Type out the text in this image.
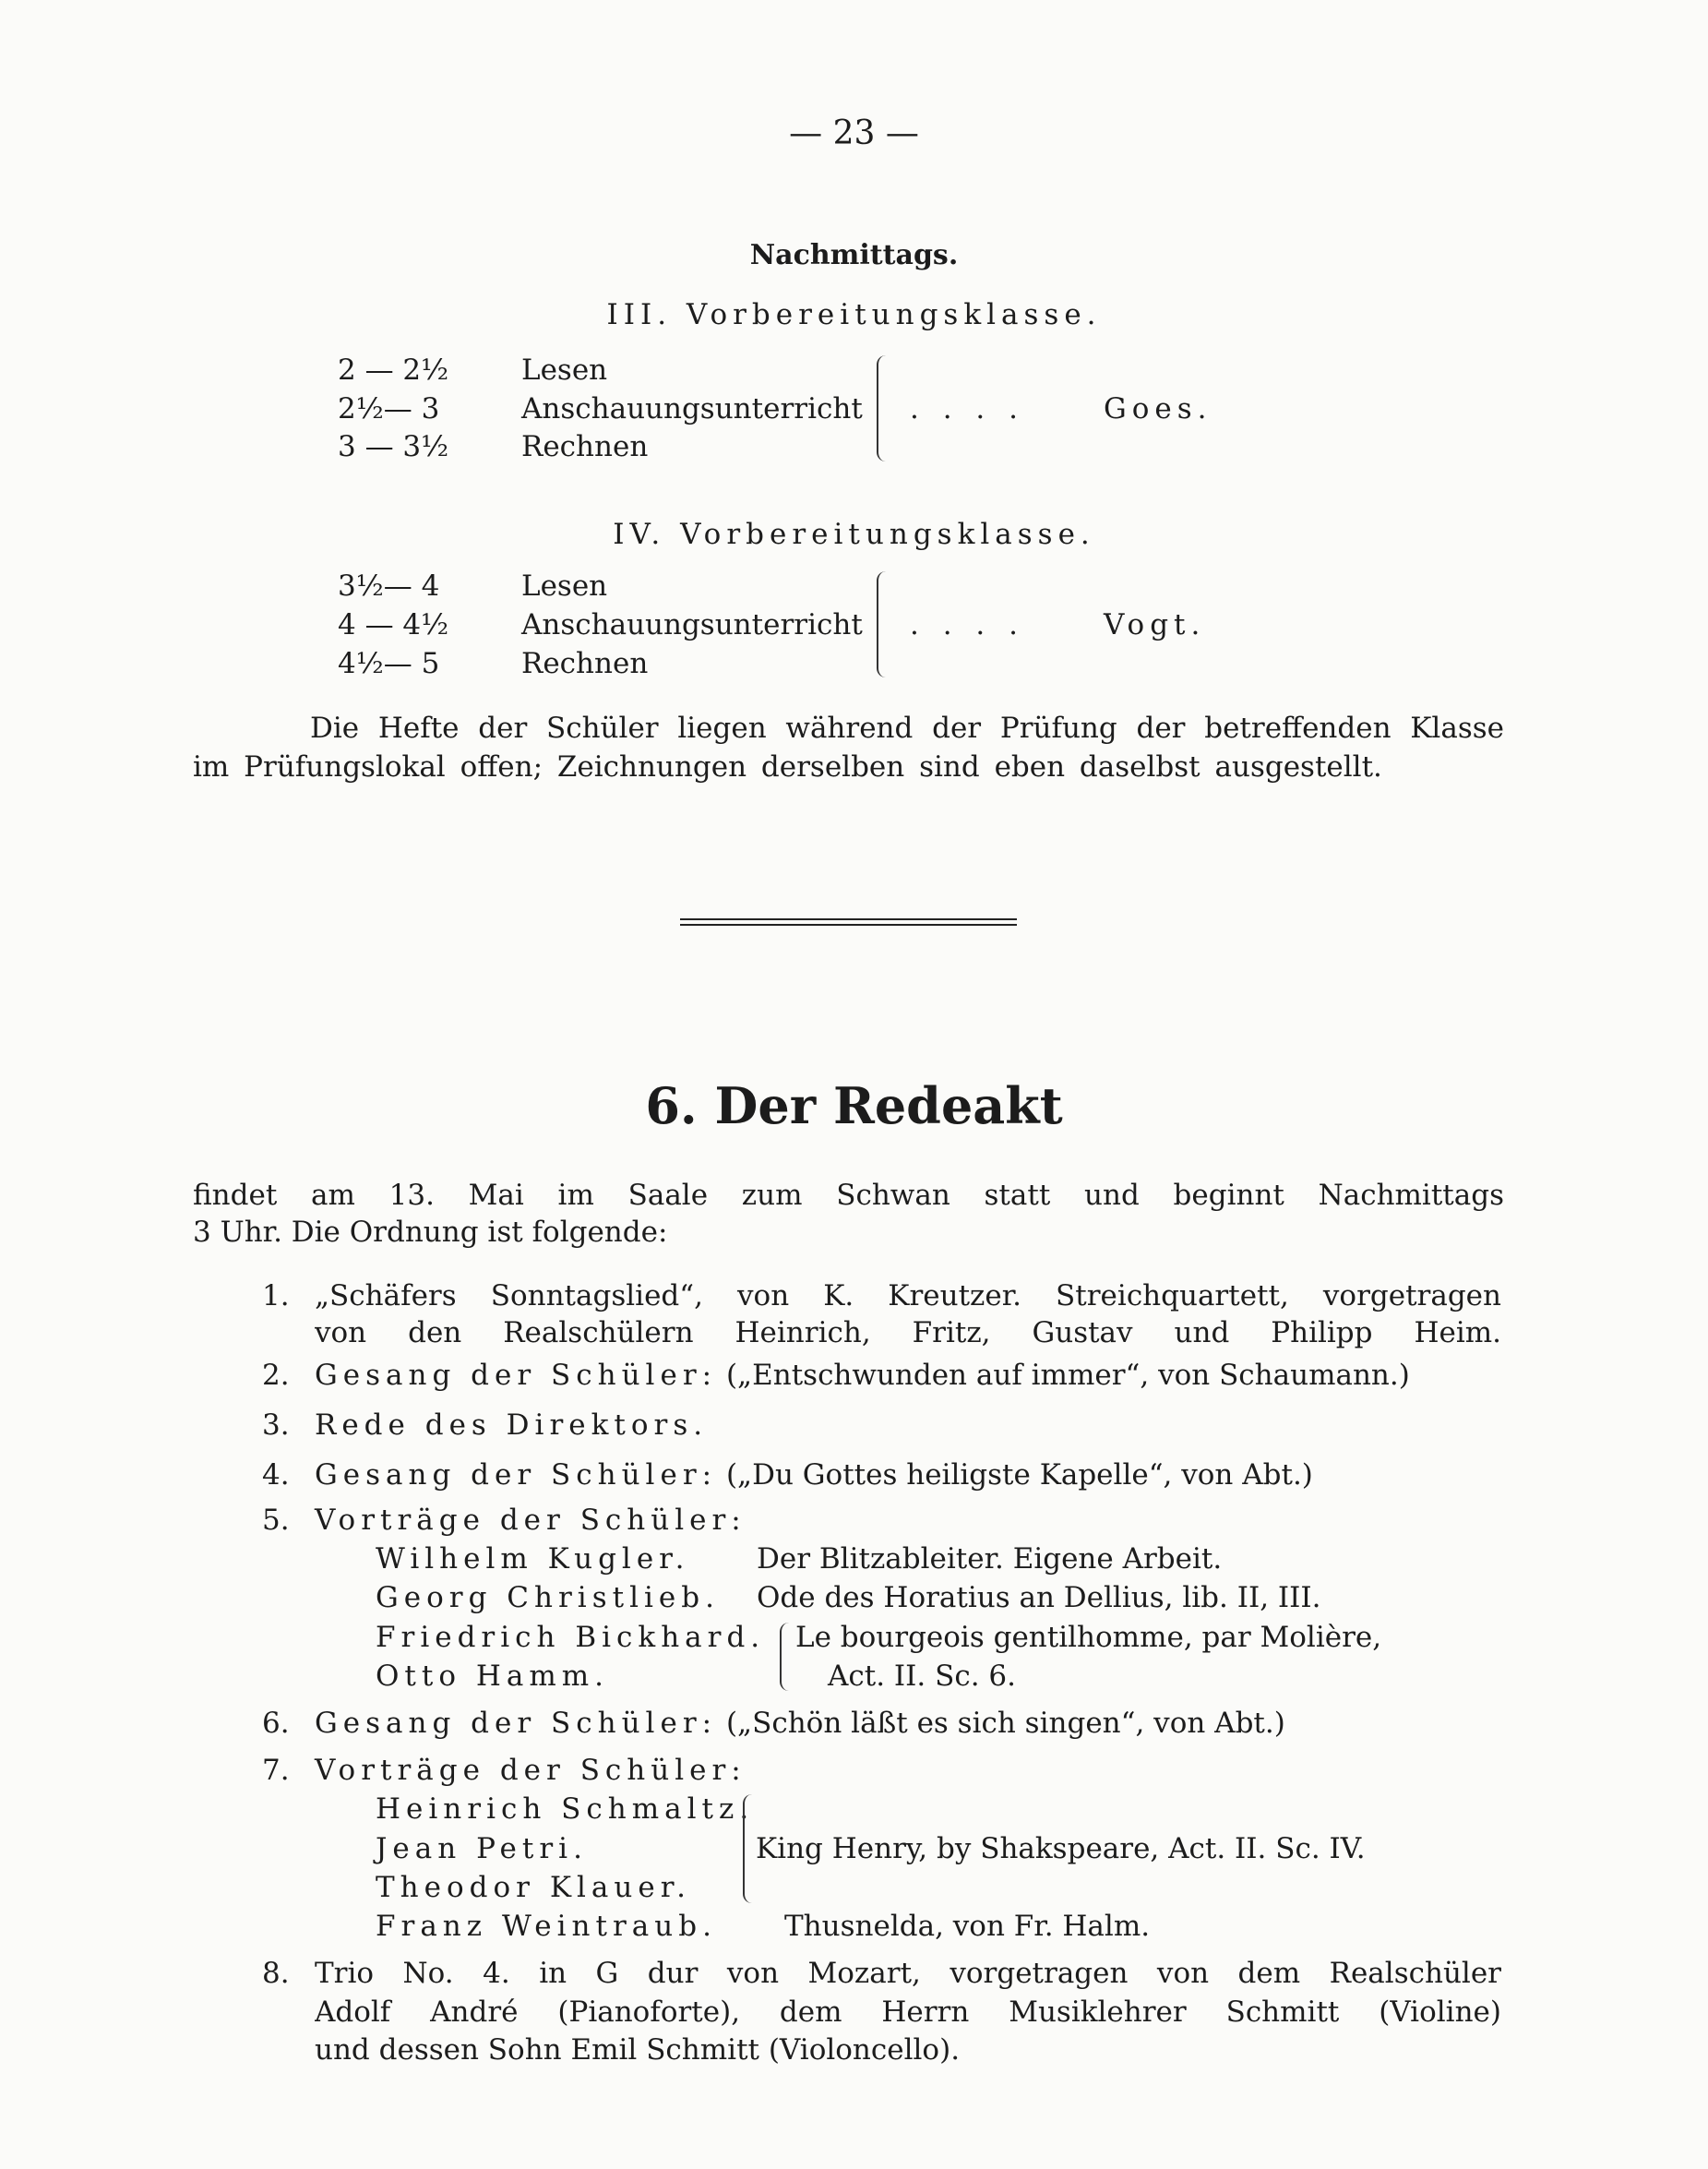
— 23 —
Nachmittags.
III. Vorbereitungsklasse.
2 — 2½	Lesen
2½— 3	Anschauungsunterricht
3 — 3½	Rechnen
. . . .	Goes.
IV. Vorbereitungsklasse.
3½— 4	Lesen
4 — 4½	Anschauungsunterricht
4½— 5	Rechnen
. . . .	Vogt.
Die Hefte der Schüler liegen während der Prüfung der betreffenden Klasse
im Prüfungslokal offen; Zeichnungen derselben sind eben daselbst ausgestellt.
6. Der Redeakt
findet am 13. Mai im Saale zum Schwan statt und beginnt Nachmittags
3 Uhr. Die Ordnung ist folgende:
1. „Schäfers Sonntagslied“, von K. Kreutzer. Streichquartett, vorgetragen
von den Realschülern Heinrich, Fritz, Gustav und Philipp Heim.
2. Gesang der Schüler: („Entschwunden auf immer“, von Schaumann.)
3. Rede des Direktors.
4. Gesang der Schüler: („Du Gottes heiligste Kapelle“, von Abt.)
5. Vorträge der Schüler:
Wilhelm Kugler. Der Blitzableiter. Eigene Arbeit.
Georg Christlieb. Ode des Horatius an Dellius, lib. II, III.
Friedrich Bickhard. Le bourgeois gentilhomme, par Molière,
Otto Hamm.	Act. II. Sc. 6.
6. Gesang der Schüler: („Schön läßt es sich singen“, von Abt.)
7. Vorträge der Schüler:
Heinrich Schmaltz.
Jean Petri.	King Henry, by Shakspeare, Act. II. Sc. IV.
Theodor Klauer.
Franz Weintraub. Thusnelda, von Fr. Halm.
8. Trio No. 4. in G dur von Mozart, vorgetragen von dem Realschüler
Adolf André (Pianoforte), dem Herrn Musiklehrer Schmitt (Violine)
und dessen Sohn Emil Schmitt (Violoncello).
